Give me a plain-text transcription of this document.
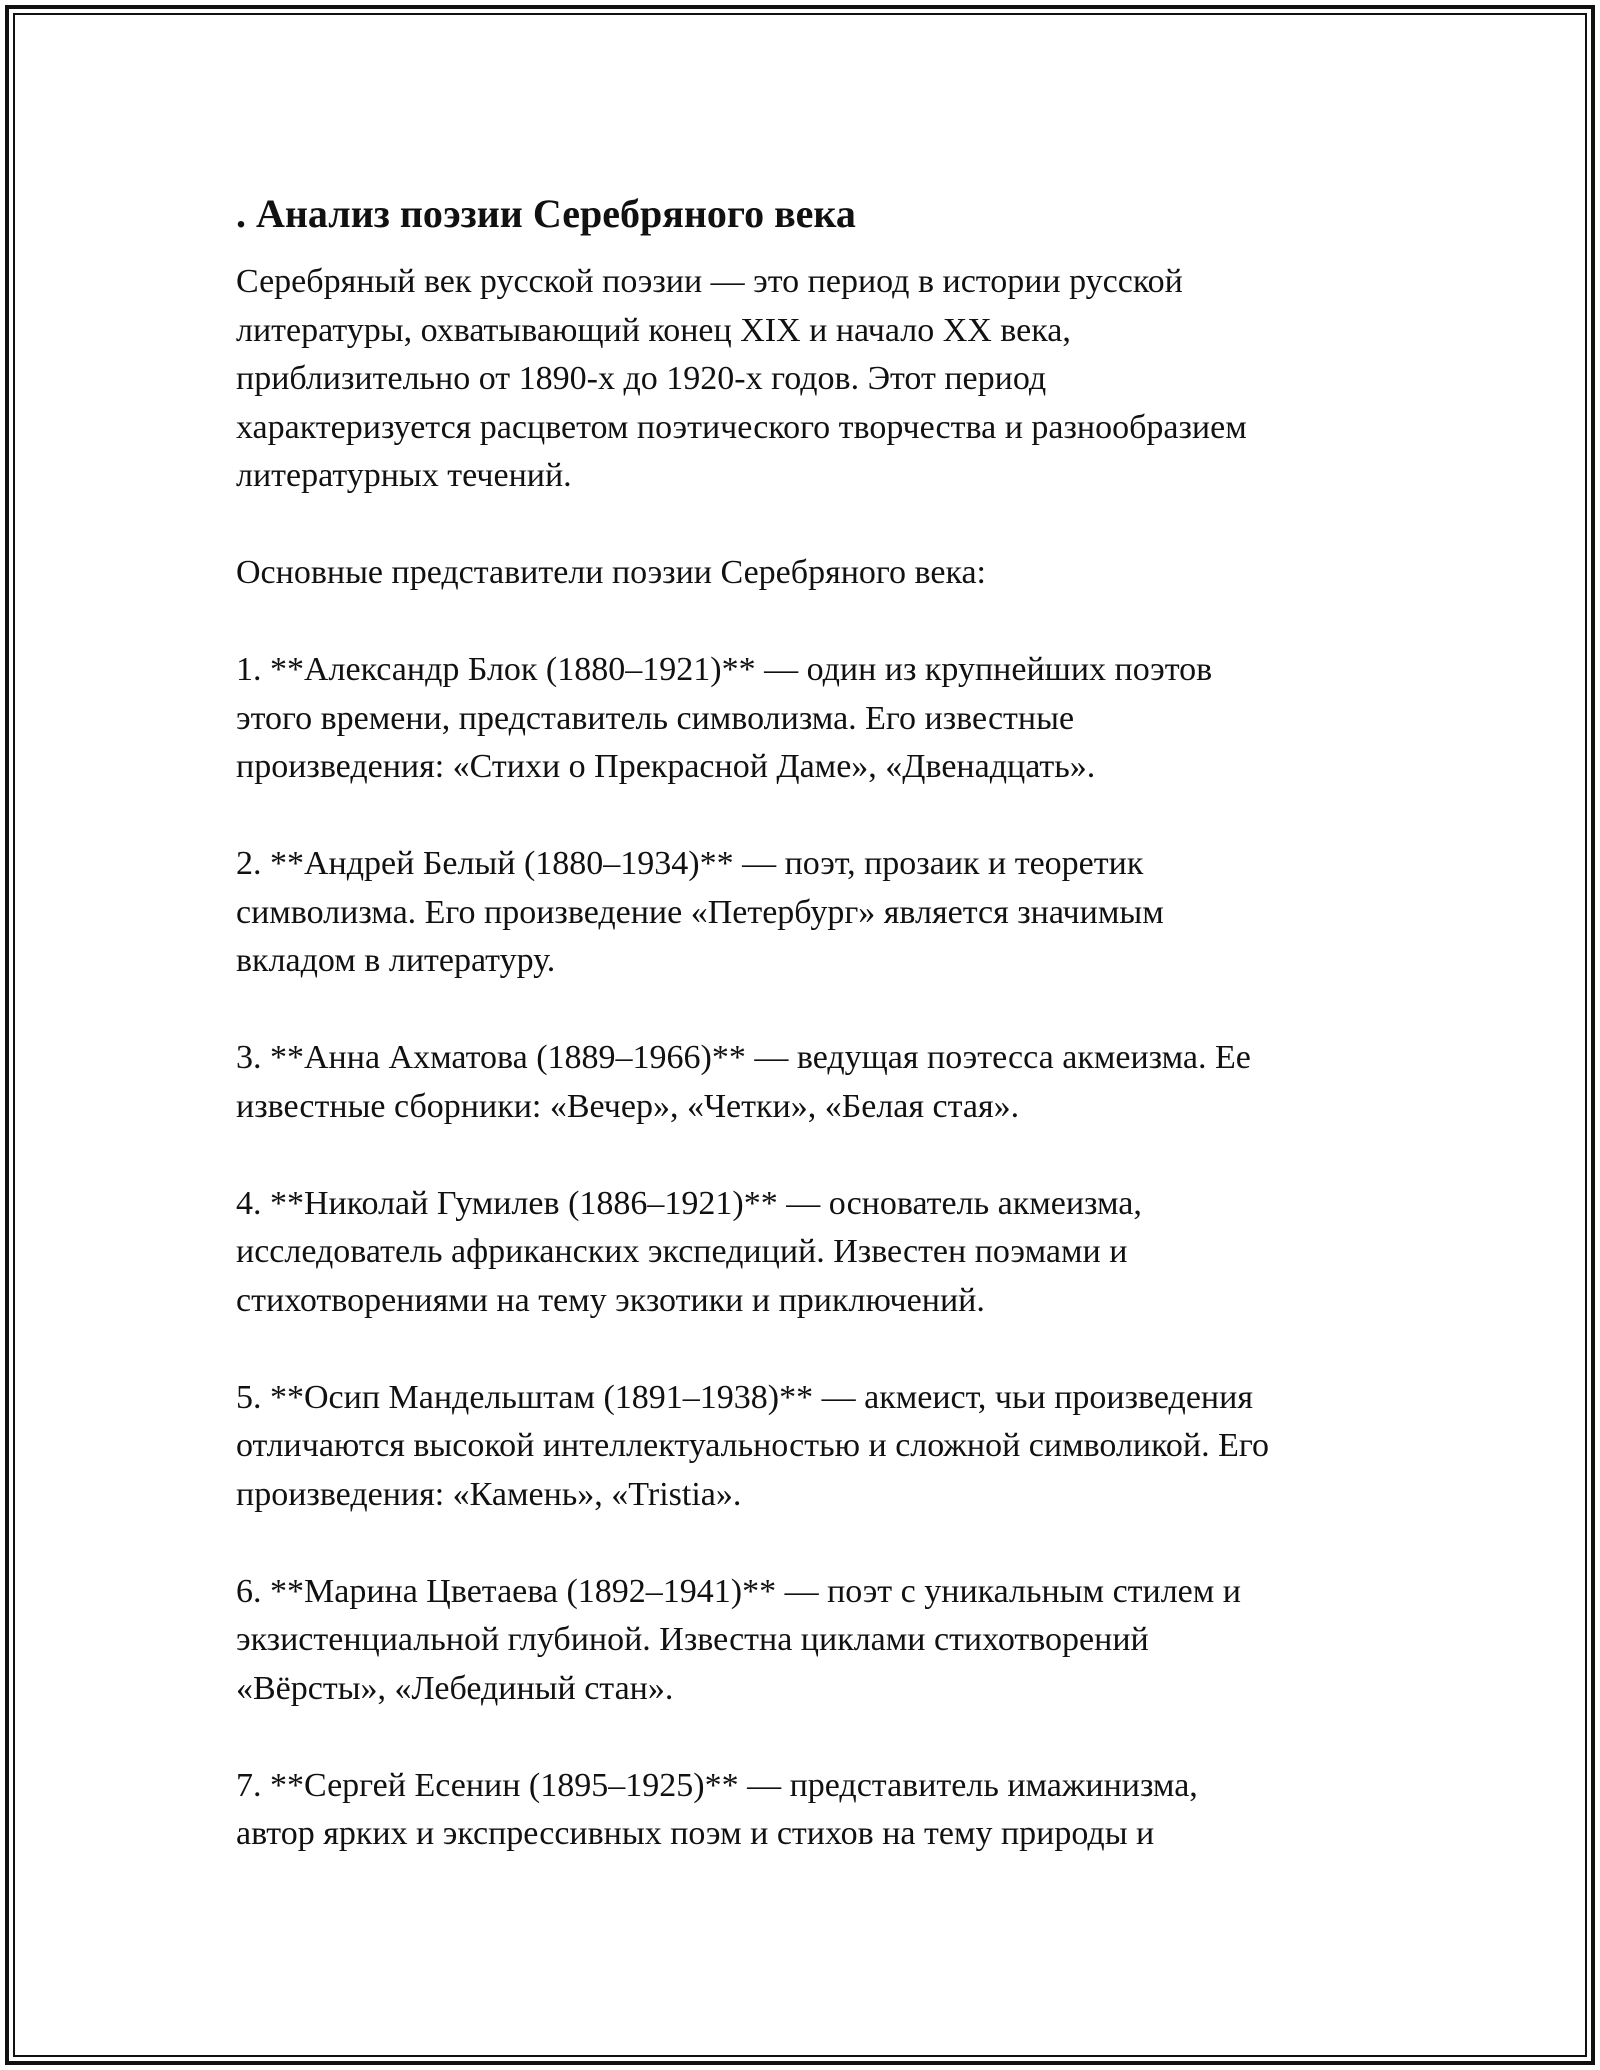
. Анализ поэзии Серебряного века
Серебряный век русской поэзии — это период в истории русской
литературы, охватывающий конец XIX и начало XX века,
приблизительно от 1890-х до 1920-х годов. Этот период
характеризуется расцветом поэтического творчества и разнообразием
литературных течений.
Основные представители поэзии Серебряного века:
1. **Александр Блок (1880–1921)** — один из крупнейших поэтов
этого времени, представитель символизма. Его известные
произведения: «Стихи о Прекрасной Даме», «Двенадцать».
2. **Андрей Белый (1880–1934)** — поэт, прозаик и теоретик
символизма. Его произведение «Петербург» является значимым
вкладом в литературу.
3. **Анна Ахматова (1889–1966)** — ведущая поэтесса акмеизма. Ее
известные сборники: «Вечер», «Четки», «Белая стая».
4. **Николай Гумилев (1886–1921)** — основатель акмеизма,
исследователь африканских экспедиций. Известен поэмами и
стихотворениями на тему экзотики и приключений.
5. **Осип Мандельштам (1891–1938)** — акмеист, чьи произведения
отличаются высокой интеллектуальностью и сложной символикой. Его
произведения: «Камень», «Tristia».
6. **Марина Цветаева (1892–1941)** — поэт с уникальным стилем и
экзистенциальной глубиной. Известна циклами стихотворений
«Вёрсты», «Лебединый стан».
7. **Сергей Есенин (1895–1925)** — представитель имажинизма,
автор ярких и экспрессивных поэм и стихов на тему природы и
